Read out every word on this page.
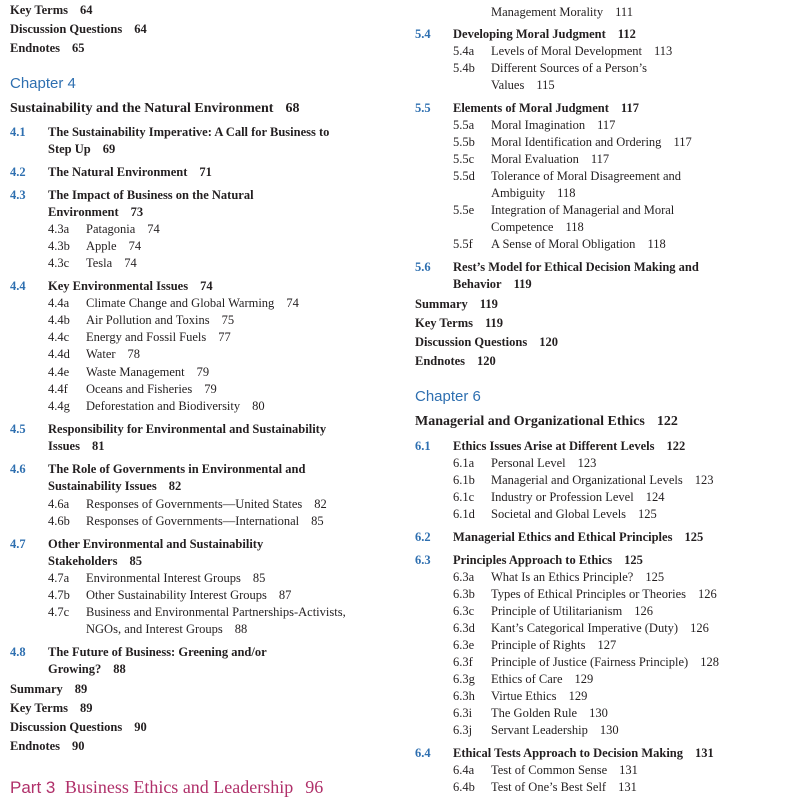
Key Terms 64
Discussion Questions 64
Endnotes 65
Chapter 4
Sustainability and the Natural Environment 68
4.1 The Sustainability Imperative: A Call for Business to
Step Up 69
4.2 The Natural Environment 71
4.3 The Impact of Business on the Natural
Environment 73
4.3a Patagonia 74
4.3b Apple 74
4.3c Tesla 74
4.4 Key Environmental Issues 74
4.4a Climate Change and Global Warming 74
4.4b Air Pollution and Toxins 75
4.4c Energy and Fossil Fuels 77
4.4d Water 78
4.4e Waste Management 79
4.4f Oceans and Fisheries 79
4.4g Deforestation and Biodiversity 80
4.5 Responsibility for Environmental and Sustainability
Issues 81
4.6 The Role of Governments in Environmental and
Sustainability Issues 82
4.6a Responses of Governments—United States 82
4.6b Responses of Governments—International 85
4.7 Other Environmental and Sustainability
Stakeholders 85
4.7a Environmental Interest Groups 85
4.7b Other Sustainability Interest Groups 87
4.7c Business and Environmental Partnerships-Activists,
NGOs, and Interest Groups 88
4.8 The Future of Business: Greening and/or
Growing? 88
Summary 89
Key Terms 89
Discussion Questions 90
Endnotes 90
Part 3 Business Ethics and Leadership 96
Management Morality 111
5.4 Developing Moral Judgment 112
5.4a Levels of Moral Development 113
5.4b Different Sources of a Person’s
Values 115
5.5 Elements of Moral Judgment 117
5.5a Moral Imagination 117
5.5b Moral Identification and Ordering 117
5.5c Moral Evaluation 117
5.5d Tolerance of Moral Disagreement and
Ambiguity 118
5.5e Integration of Managerial and Moral
Competence 118
5.5f A Sense of Moral Obligation 118
5.6 Rest’s Model for Ethical Decision Making and
Behavior 119
Summary 119
Key Terms 119
Discussion Questions 120
Endnotes 120
Chapter 6
Managerial and Organizational Ethics 122
6.1 Ethics Issues Arise at Different Levels 122
6.1a Personal Level 123
6.1b Managerial and Organizational Levels 123
6.1c Industry or Profession Level 124
6.1d Societal and Global Levels 125
6.2 Managerial Ethics and Ethical Principles 125
6.3 Principles Approach to Ethics 125
6.3a What Is an Ethics Principle? 125
6.3b Types of Ethical Principles or Theories 126
6.3c Principle of Utilitarianism 126
6.3d Kant’s Categorical Imperative (Duty) 126
6.3e Principle of Rights 127
6.3f Principle of Justice (Fairness Principle) 128
6.3g Ethics of Care 129
6.3h Virtue Ethics 129
6.3i The Golden Rule 130
6.3j Servant Leadership 130
6.4 Ethical Tests Approach to Decision Making 131
6.4a Test of Common Sense 131
6.4b Test of One’s Best Self 131
